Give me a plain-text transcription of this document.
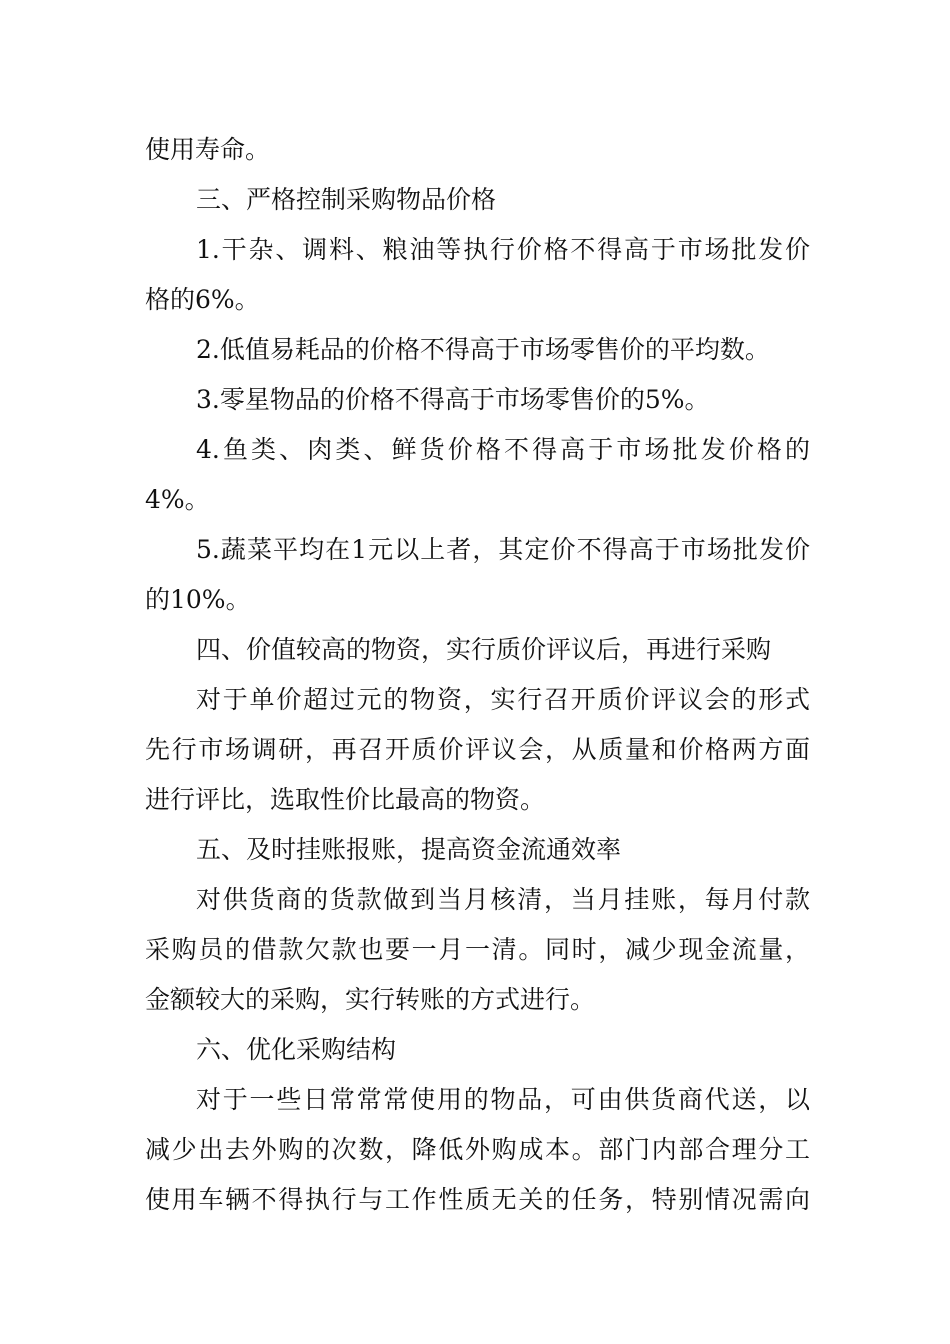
使用寿命。
三、严格控制采购物品价格
1.干杂、调料、粮油等执行价格不得高于市场批发价
格的6%。
2.低值易耗品的价格不得高于市场零售价的平均数。
3.零星物品的价格不得高于市场零售价的5%。
4.鱼类、肉类、鲜货价格不得高于市场批发价格的
4%。
5.蔬菜平均在1元以上者，其定价不得高于市场批发价
的10%。
四、价值较高的物资，实行质价评议后，再进行采购
对于单价超过元的物资，实行召开质价评议会的形式
先行市场调研，再召开质价评议会，从质量和价格两方面
进行评比，选取性价比最高的物资。
五、及时挂账报账，提高资金流通效率
对供货商的货款做到当月核清，当月挂账，每月付款
采购员的借款欠款也要一月一清。同时，减少现金流量，
金额较大的采购，实行转账的方式进行。
六、优化采购结构
对于一些日常常常使用的物品，可由供货商代送，以
减少出去外购的次数，降低外购成本。部门内部合理分工
使用车辆不得执行与工作性质无关的任务，特别情况需向
